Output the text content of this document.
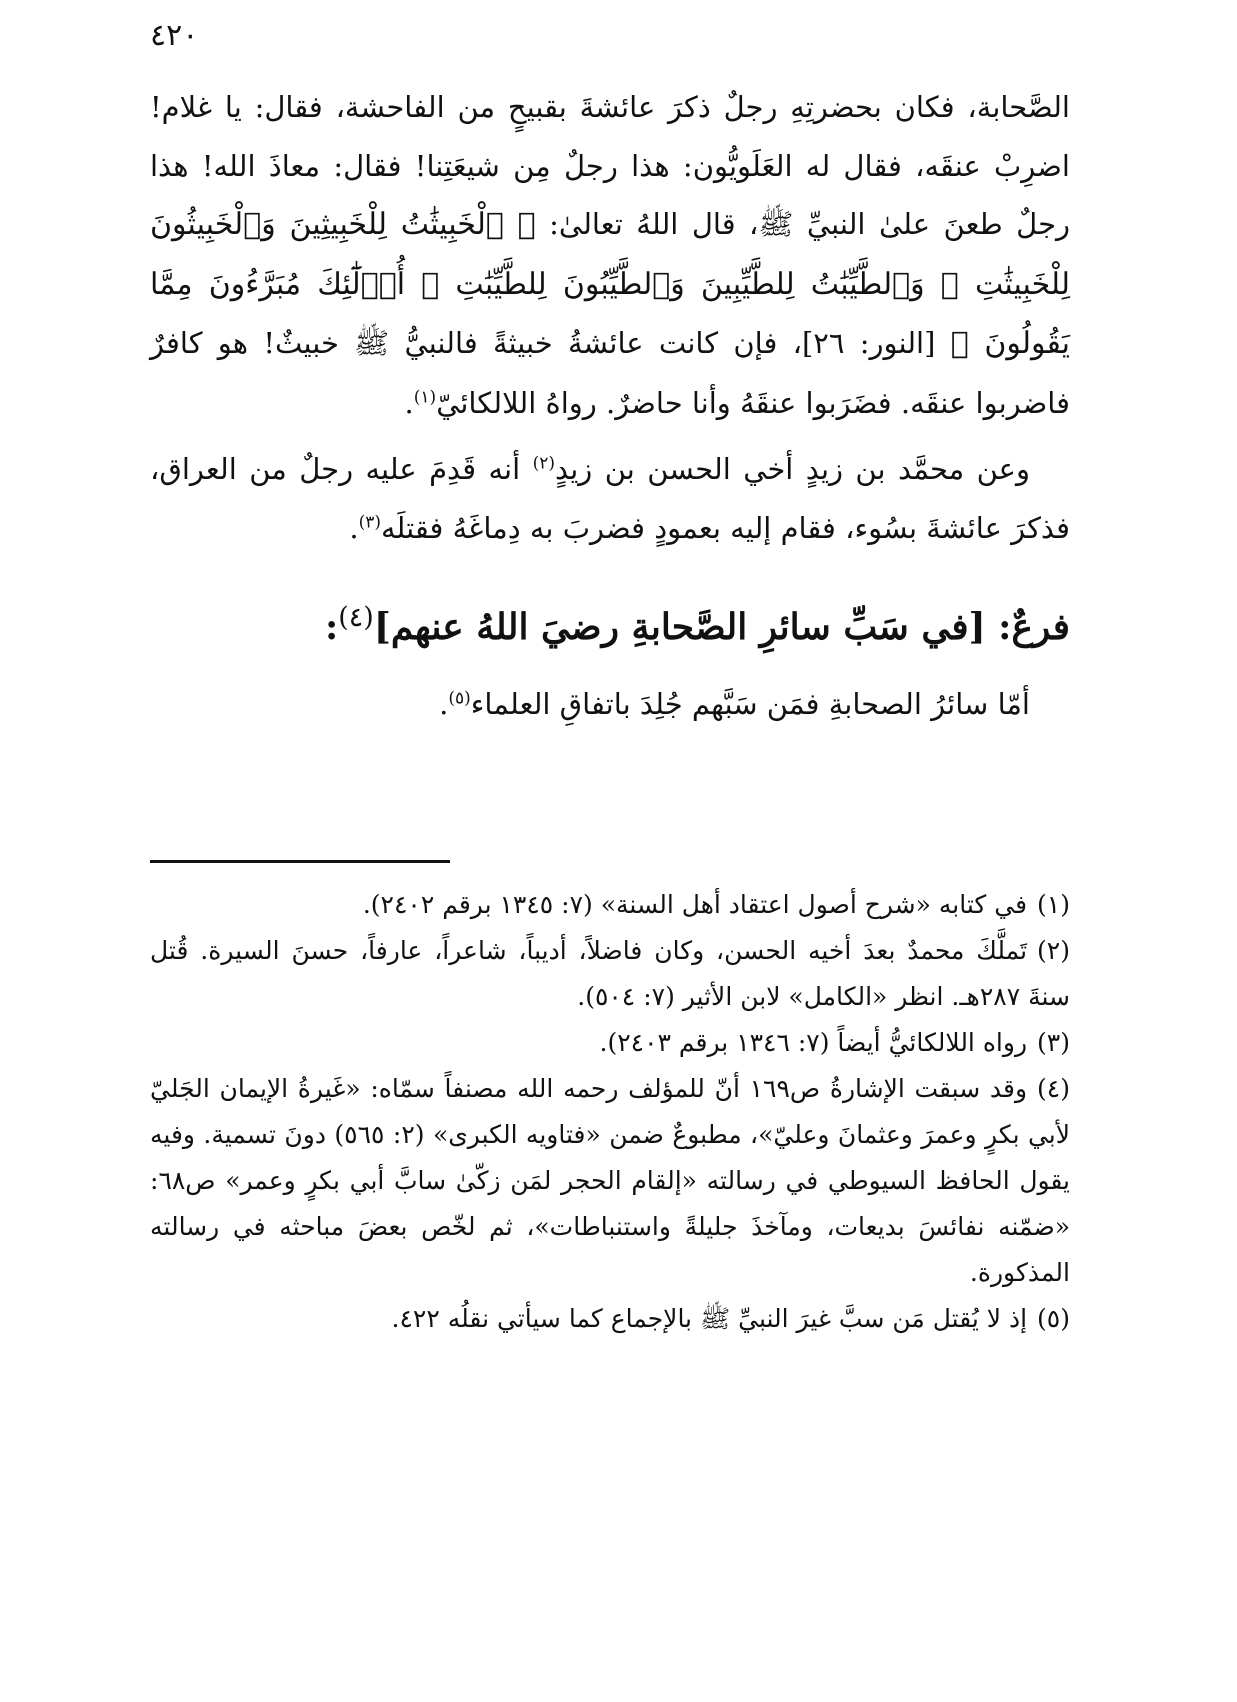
٤٢٠

الصَّحابة، فكان بحضرتِهِ رجلٌ ذكرَ عائشةَ بقبيحٍ من الفاحشة، فقال: يا غلام! اضرِبْ عنقَه، فقال له العَلَويُّون: هذا رجلٌ مِن شيعَتِنا! فقال: معاذَ الله! هذا رجلٌ طعنَ علىٰ النبيِّ ﷺ، قال اللهُ تعالىٰ: ﴿ ٱلْخَبِيثَٰتُ لِلْخَبِيثِينَ وَٱلْخَبِيثُونَ لِلْخَبِيثَٰتِ ۖ وَٱلطَّيِّبَٰتُ لِلطَّيِّبِينَ وَٱلطَّيِّبُونَ لِلطَّيِّبَٰتِ ۚ أُو۟لَٰٓئِكَ مُبَرَّءُونَ مِمَّا يَقُولُونَ ﴾ [النور: ٢٦]، فإن كانت عائشةُ خبيثةً فالنبيُّ ﷺ خبيثٌ! هو كافرٌ فاضربوا عنقَه. فضَرَبوا عنقَهُ وأنا حاضرٌ. رواهُ اللالكائيّ$^{(١)}$.

وعن محمَّد بن زيدٍ أخي الحسن بن زيدٍ$^{(٢)}$ أنه قَدِمَ عليه رجلٌ من العراق، فذكرَ عائشةَ بسُوء، فقام إليه بعمودٍ فضربَ به دِماغَهُ فقتلَه$^{(٣)}$.

فرعٌ: [في سَبِّ سائرِ الصَّحابةِ رضيَ اللهُ عنهم]$^{(٤)}$:

أمّا سائرُ الصحابةِ فمَن سَبَّهم جُلِدَ باتفاقِ العلماء$^{(٥)}$.

(١)في كتابه «شرح أصول اعتقاد أهل السنة» (٧: ١٣٤٥ برقم ٢٤٠٢).

(٢)تَملَّكَ محمدٌ بعدَ أخيه الحسن، وكان فاضلاً، أديباً، شاعراً، عارفاً، حسنَ السيرة. قُتل سنةَ ٢٨٧هـ. انظر «الكامل» لابن الأثير (٧: ٥٠٤).

(٣)رواه اللالكائيُّ أيضاً (٧: ١٣٤٦ برقم ٢٤٠٣).

(٤)وقد سبقت الإشارةُ ص١٦٩ أنّ للمؤلف رحمه الله مصنفاً سمّاه: «غَيرةُ الإيمان الجَليّ لأبي بكرٍ وعمرَ وعثمانَ وعليّ»، مطبوعٌ ضمن «فتاويه الكبرى» (٢: ٥٦٥) دونَ تسمية. وفيه يقول الحافظ السيوطي في رسالته «إلقام الحجر لمَن زكّىٰ سابَّ أبي بكرٍ وعمر» ص٦٨: «ضمّنه نفائسَ بديعات، ومآخذَ جليلةً واستنباطات»، ثم لخّص بعضَ مباحثه في رسالته المذكورة.

(٥)إذ لا يُقتل مَن سبَّ غيرَ النبيِّ ﷺ بالإجماع كما سيأتي نقلُه ٤٢٢.
